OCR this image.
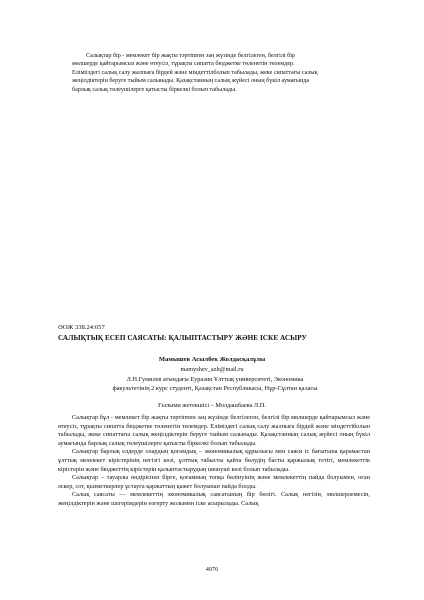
Салықтар бір - мемлекет бір жақты тәртіппен заң жүзінде белгілеген, белгілі бір
мөлшерде қайтарымсыз және өтеусіз, тұрақты сипатта бюджетке төленетін төлемдер.
Елімііздегі салық салу жалпыға бірдей және міндеттілболып табылады, жеке сипаттағы салық
жеңілдіктерін беруге тыйым салынады. Қазақстанның салық жүйесі оның бүкіл аумағында
барлық салық төлеушілерге қатысты біркелкі болып табылады.
ӘОЖ 338.24:657
САЛЫҚТЫҚ ЕСЕП САЯСАТЫ: ҚАЛЫПТАСТЫРУ ЖӘНЕ ІСКЕ АСЫРУ
Мамышев Асылбек Жолдасқалұлы
mamyshev_azh@mail.ru
Л.Н.Гумилев атындағы Еуразия Ұлттық университеті, Экономика факультетінің 2 курс студенті, Қазақстан Республикасы, Нұр-Сұлтан қаласы
Ғылыми жетекшісі – Молдашбаева Л.П.

Салықтар бұл - мемлекет бір жақты тәртіппен заң жүзінде белгілеген, белгілі бір мөлшерде қайтарымсыз және өтеусіз, тұрақты сипатта бюджетке төленетін төлемдер. Еліміздегі салық салу жалпыға бірдей және міндеттіболып табылады, жеке сипаттағы салық жеңілдіктерін беруге тыйым салынады. Қазақстанның салық жүйесі оның бүкіл аумағында барлық салық төлеушілерге қатысты біркелкі болып табылады.

Салықтар барлық елдерде олардың қоғамдық – экономикалық құрылысы мен саяси іс бағытына қарамастан ұлттық мемлекет кірістерінің негізгі көзі, ұлттық табысты қайта бөлудің басты қаржылық тетігі, мемлекеттік кірістерін және бюджеттің кірістерін қалыптастырудың шешуші көзі болып табылады.

Салықтар – тауарлы өндіріспен бірге, қоғамның топқа бөлінуінің және мемлекеттің пайда болуымен, оған әскер, сот, қызметкерлер ұстауға қаржаттың қажет болуынан пайда болды.

Салық саясаты — мемлекеттің экономикалық саясатының бір бөлігі. Салық негізін, мөлшерлемесін, жеңілдіктерін және шегерімдерін өзгерту жолымен іске асырылады. Салық

4076
